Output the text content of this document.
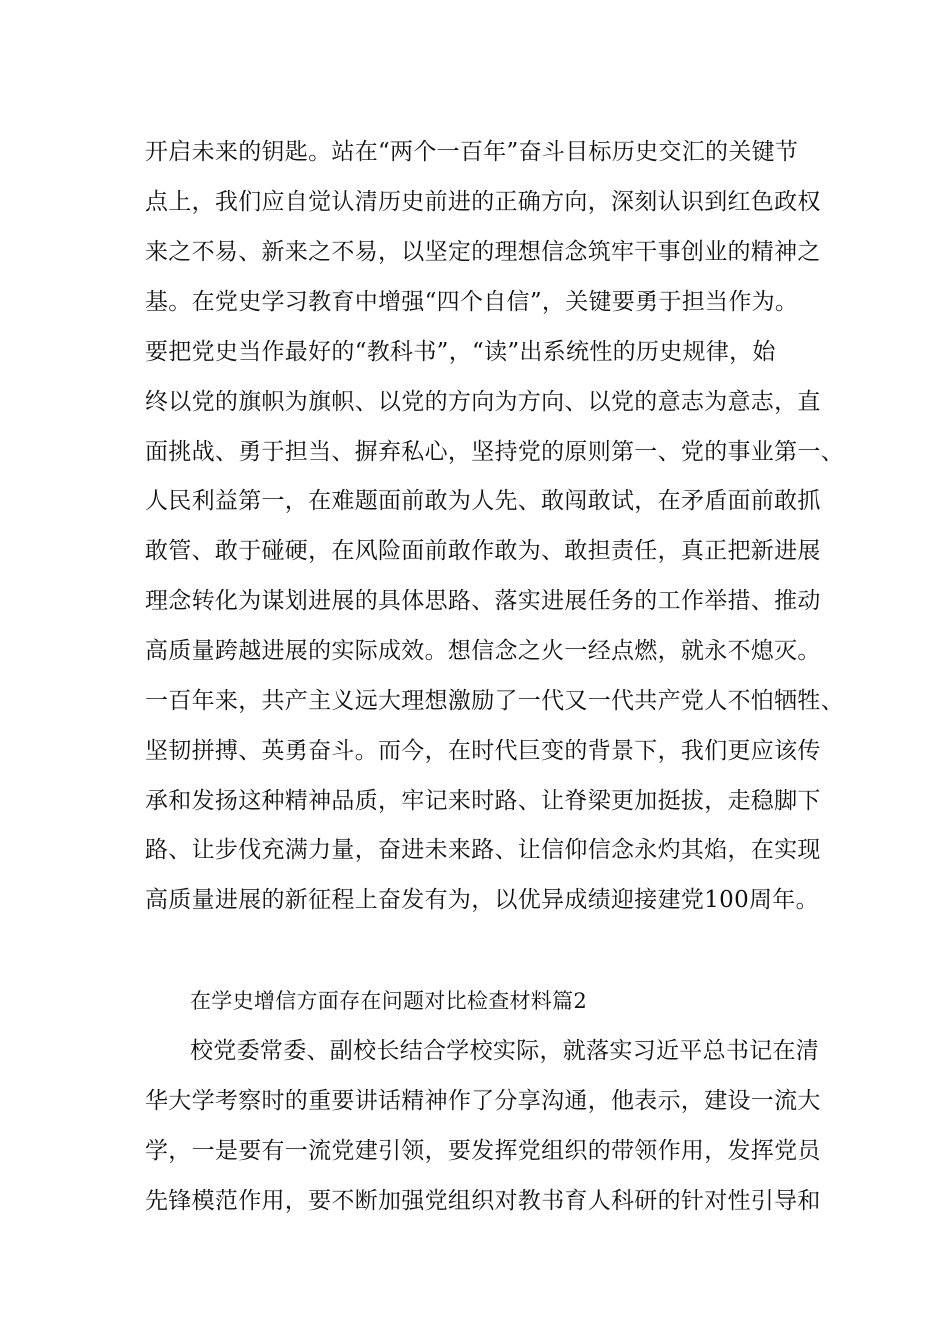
开启未来的钥匙。站在“两个一百年”奋斗目标历史交汇的关键节
点上，我们应自觉认清历史前进的正确方向，深刻认识到红色政权
来之不易、新来之不易，以坚定的理想信念筑牢干事创业的精神之
基。在党史学习教育中增强“四个自信”，关键要勇于担当作为。
要把党史当作最好的“教科书”，“读”出系统性的历史规律，始
终以党的旗帜为旗帜、以党的方向为方向、以党的意志为意志，直
面挑战、勇于担当、摒弃私心，坚持党的原则第一、党的事业第一、
人民利益第一，在难题面前敢为人先、敢闯敢试，在矛盾面前敢抓
敢管、敢于碰硬，在风险面前敢作敢为、敢担责任，真正把新进展
理念转化为谋划进展的具体思路、落实进展任务的工作举措、推动
高质量跨越进展的实际成效。想信念之火一经点燃，就永不熄灭。
一百年来，共产主义远大理想激励了一代又一代共产党人不怕牺牲、
坚韧拼搏、英勇奋斗。而今，在时代巨变的背景下，我们更应该传
承和发扬这种精神品质，牢记来时路、让脊梁更加挺拔，走稳脚下
路、让步伐充满力量，奋进未来路、让信仰信念永灼其焰，在实现
高质量进展的新征程上奋发有为，以优异成绩迎接建党100周年。
在学史增信方面存在问题对比检查材料篇2
校党委常委、副校长结合学校实际，就落实习近平总书记在清
华大学考察时的重要讲话精神作了分享沟通，他表示，建设一流大
学，一是要有一流党建引领，要发挥党组织的带领作用，发挥党员
先锋模范作用，要不断加强党组织对教书育人科研的针对性引导和
